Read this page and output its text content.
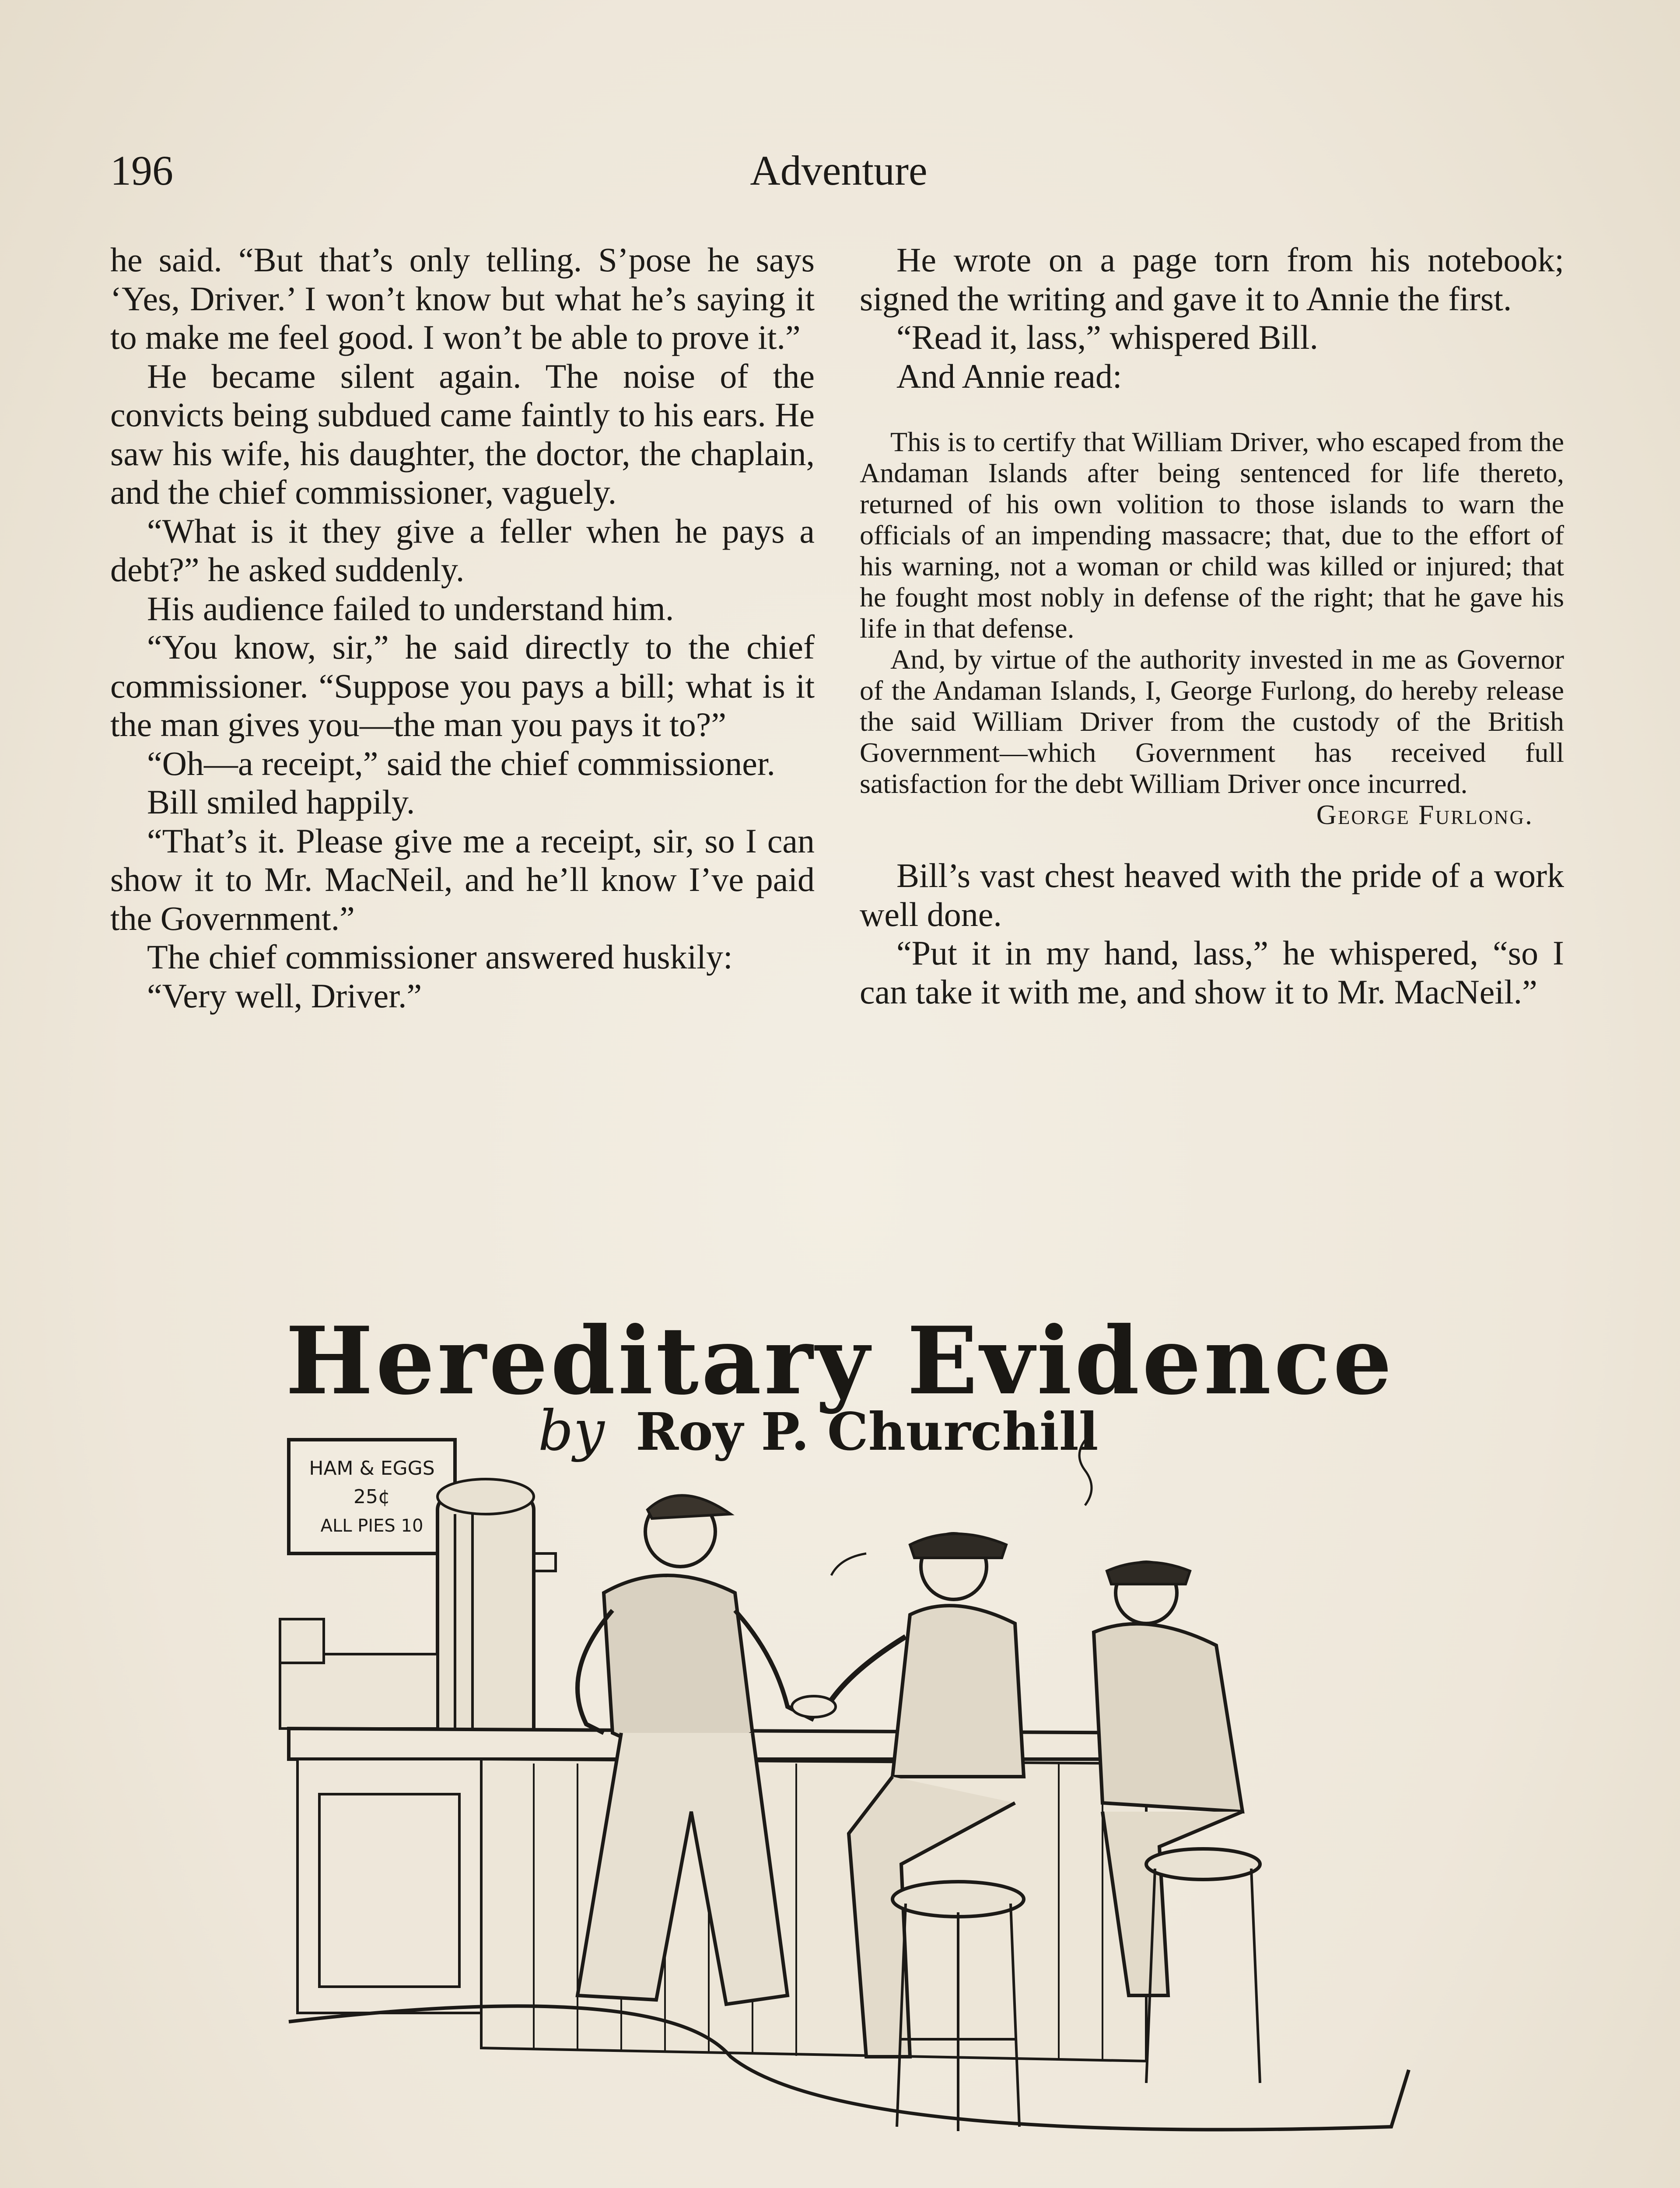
196	Adventure

he said. “But that’s only telling. S’pose he says ‘Yes, Driver.’ I won’t know but what he’s saying it to make me feel good. I won’t be able to prove it.”

He became silent again. The noise of the convicts being subdued came faintly to his ears. He saw his wife, his daughter, the doctor, the chaplain, and the chief commissioner, vaguely.

“What is it they give a feller when he pays a debt?” he asked suddenly.

His audience failed to understand him.

“You know, sir,” he said directly to the chief commissioner. “Suppose you pays a bill; what is it the man gives you—the man you pays it to?”

“Oh—a receipt,” said the chief commissioner.

Bill smiled happily.

“That’s it. Please give me a receipt, sir, so I can show it to Mr. MacNeil, and he’ll know I’ve paid the Government.”

The chief commissioner answered huskily:

“Very well, Driver.”

He wrote on a page torn from his notebook; signed the writing and gave it to Annie the first.

“Read it, lass,” whispered Bill.

And Annie read:

This is to certify that William Driver, who escaped from the Andaman Islands after being sentenced for life thereto, returned of his own volition to those islands to warn the officials of an impending massacre; that, due to the effort of his warning, not a woman or child was killed or injured; that he fought most nobly in defense of the right; that he gave his life in that defense.

And, by virtue of the authority invested in me as Governor of the Andaman Islands, I, George Furlong, do hereby release the said William Driver from the custody of the British Government—which Government has received full satisfaction for the debt William Driver once incurred.

George Furlong.

Bill’s vast chest heaved with the pride of a work well done.

“Put it in my hand, lass,” he whispered, “so I can take it with me, and show it to Mr. MacNeil.”

Hereditary Evidence
by Roy P. Churchill
HAM & EGGS
25¢
ALL PIES 10
